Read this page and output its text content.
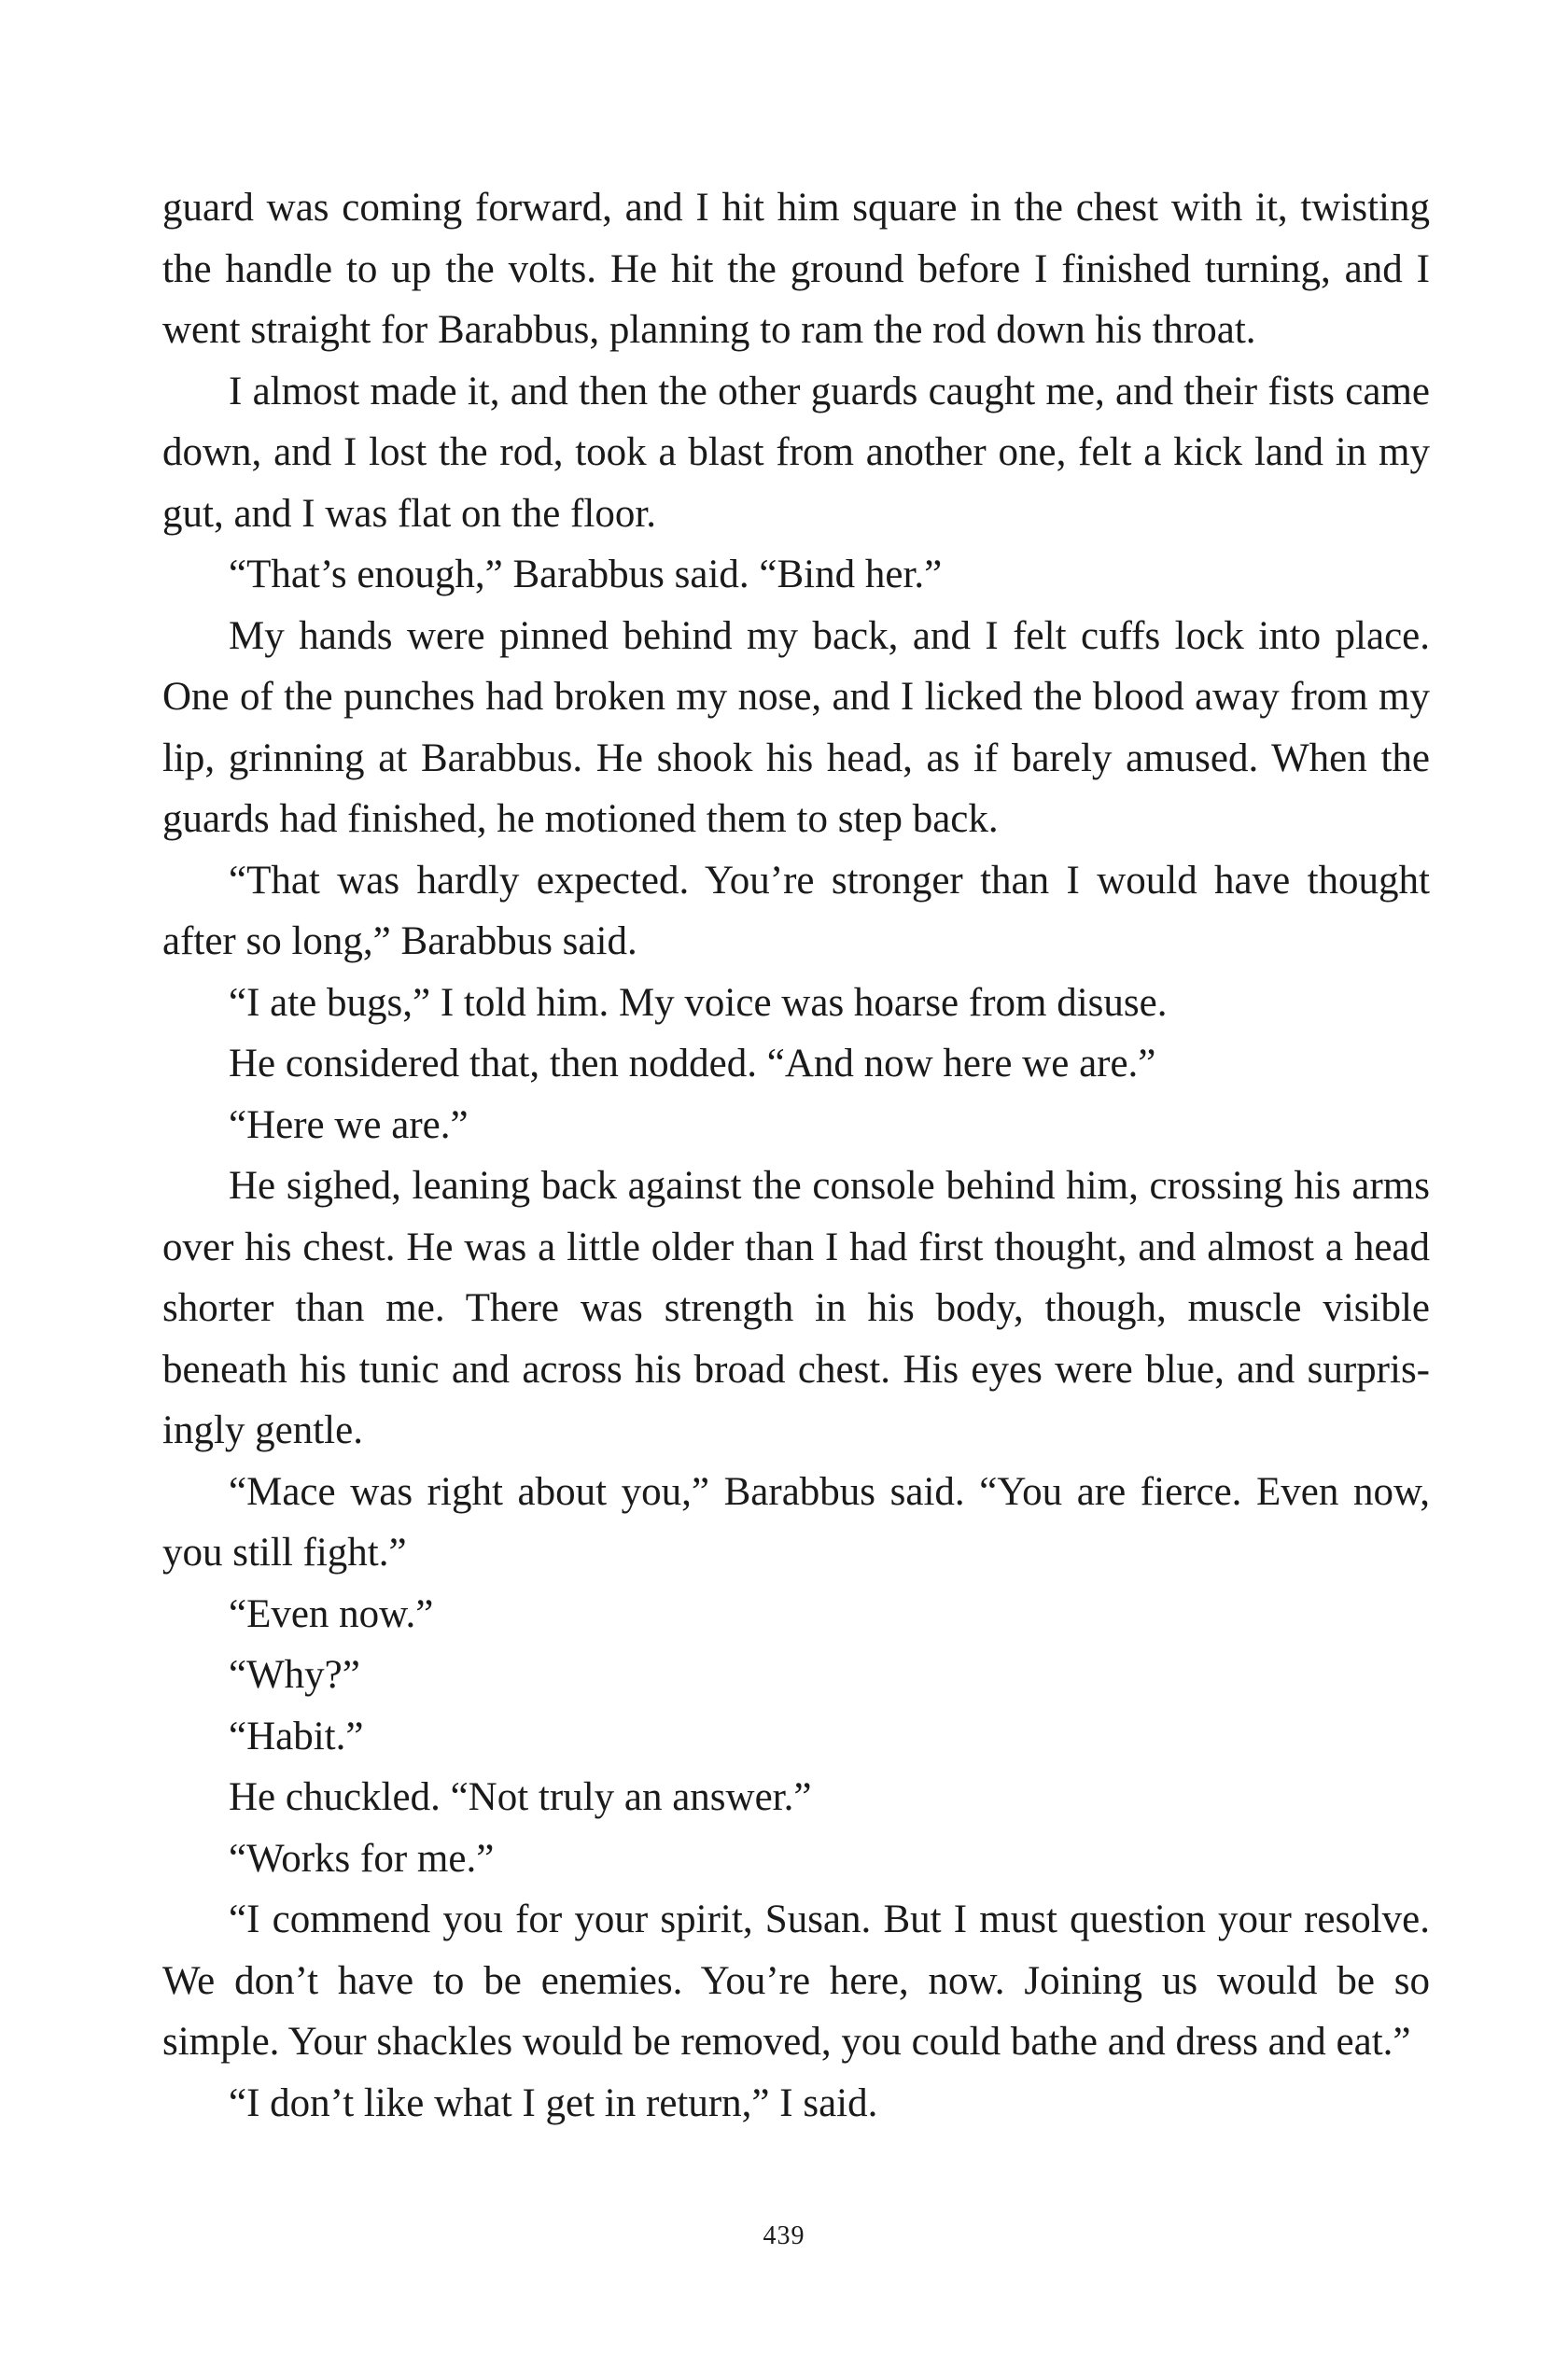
guard was coming forward, and I hit him square in the chest with it, twisting the handle to up the volts. He hit the ground before I finished turning, and I went straight for Barabbus, planning to ram the rod down his throat.

I almost made it, and then the other guards caught me, and their fists came down, and I lost the rod, took a blast from another one, felt a kick land in my gut, and I was flat on the floor.

“That’s enough,” Barabbus said. “Bind her.”

My hands were pinned behind my back, and I felt cuffs lock into place. One of the punches had broken my nose, and I licked the blood away from my lip, grinning at Barabbus. He shook his head, as if barely amused. When the guards had finished, he motioned them to step back.

“That was hardly expected. You’re stronger than I would have thought after so long,” Barabbus said.

“I ate bugs,” I told him. My voice was hoarse from disuse.

He considered that, then nodded. “And now here we are.”

“Here we are.”

He sighed, leaning back against the console behind him, crossing his arms over his chest. He was a little older than I had first thought, and almost a head shorter than me. There was strength in his body, though, muscle visible beneath his tunic and across his broad chest. His eyes were blue, and surpris-ingly gentle.

“Mace was right about you,” Barabbus said. “You are fierce. Even now, you still fight.”

“Even now.”

“Why?”

“Habit.”

He chuckled. “Not truly an answer.”

“Works for me.”

“I commend you for your spirit, Susan. But I must question your resolve. We don’t have to be enemies. You’re here, now. Joining us would be so simple. Your shackles would be removed, you could bathe and dress and eat.”

“I don’t like what I get in return,” I said.

439
